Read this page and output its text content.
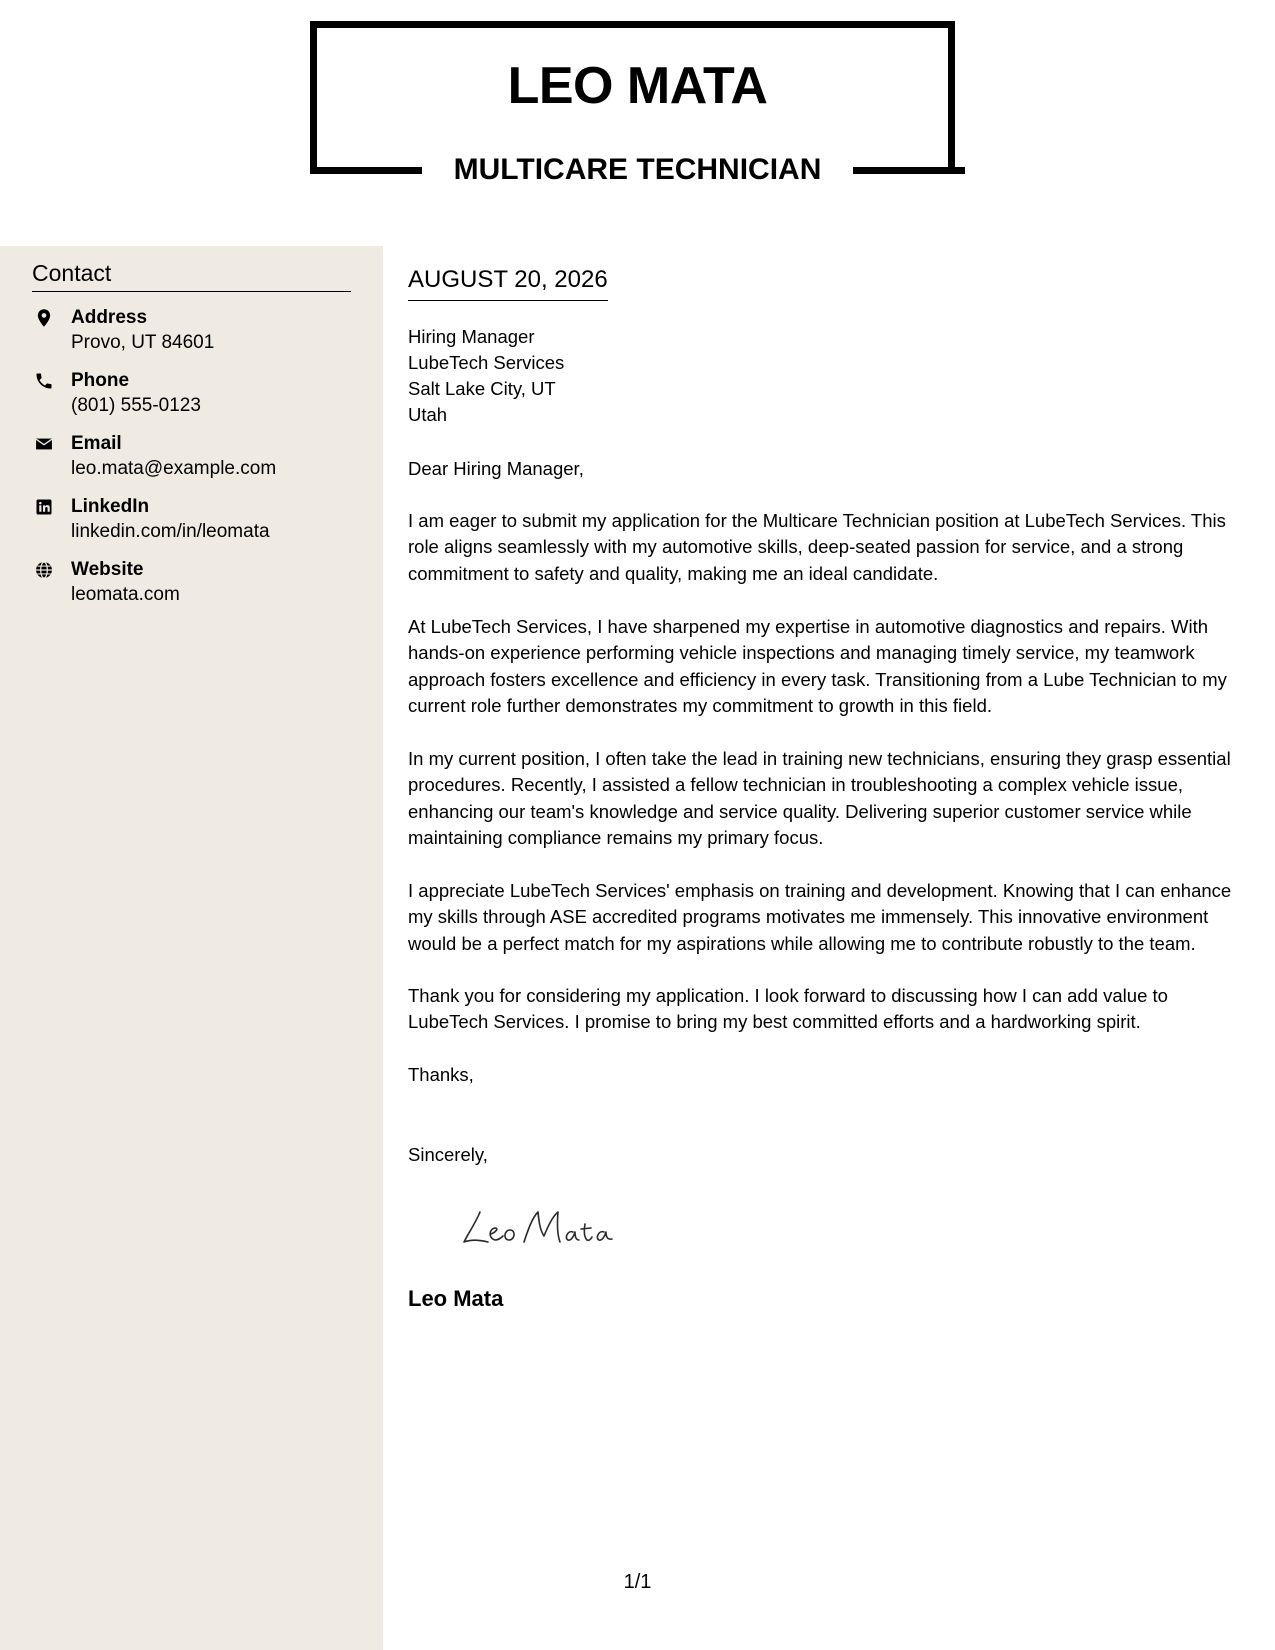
LEO MATA
MULTICARE TECHNICIAN
Contact
Address
Provo, UT 84601
Phone
(801) 555-0123
Email
leo.mata@example.com
LinkedIn
linkedin.com/in/leomata
Website
leomata.com
AUGUST 20, 2026
Hiring Manager
LubeTech Services
Salt Lake City, UT
Utah

Dear Hiring Manager,

I am eager to submit my application for the Multicare Technician position at LubeTech Services. This role aligns seamlessly with my automotive skills, deep-seated passion for service, and a strong commitment to safety and quality, making me an ideal candidate.

At LubeTech Services, I have sharpened my expertise in automotive diagnostics and repairs. With hands-on experience performing vehicle inspections and managing timely service, my teamwork approach fosters excellence and efficiency in every task. Transitioning from a Lube Technician to my current role further demonstrates my commitment to growth in this field.

In my current position, I often take the lead in training new technicians, ensuring they grasp essential procedures. Recently, I assisted a fellow technician in troubleshooting a complex vehicle issue, enhancing our team's knowledge and service quality. Delivering superior customer service while maintaining compliance remains my primary focus.

I appreciate LubeTech Services' emphasis on training and development. Knowing that I can enhance my skills through ASE accredited programs motivates me immensely. This innovative environment would be a perfect match for my aspirations while allowing me to contribute robustly to the team.

Thank you for considering my application. I look forward to discussing how I can add value to LubeTech Services. I promise to bring my best committed efforts and a hardworking spirit.

Thanks,

Sincerely,

Leo Mata
1/1
